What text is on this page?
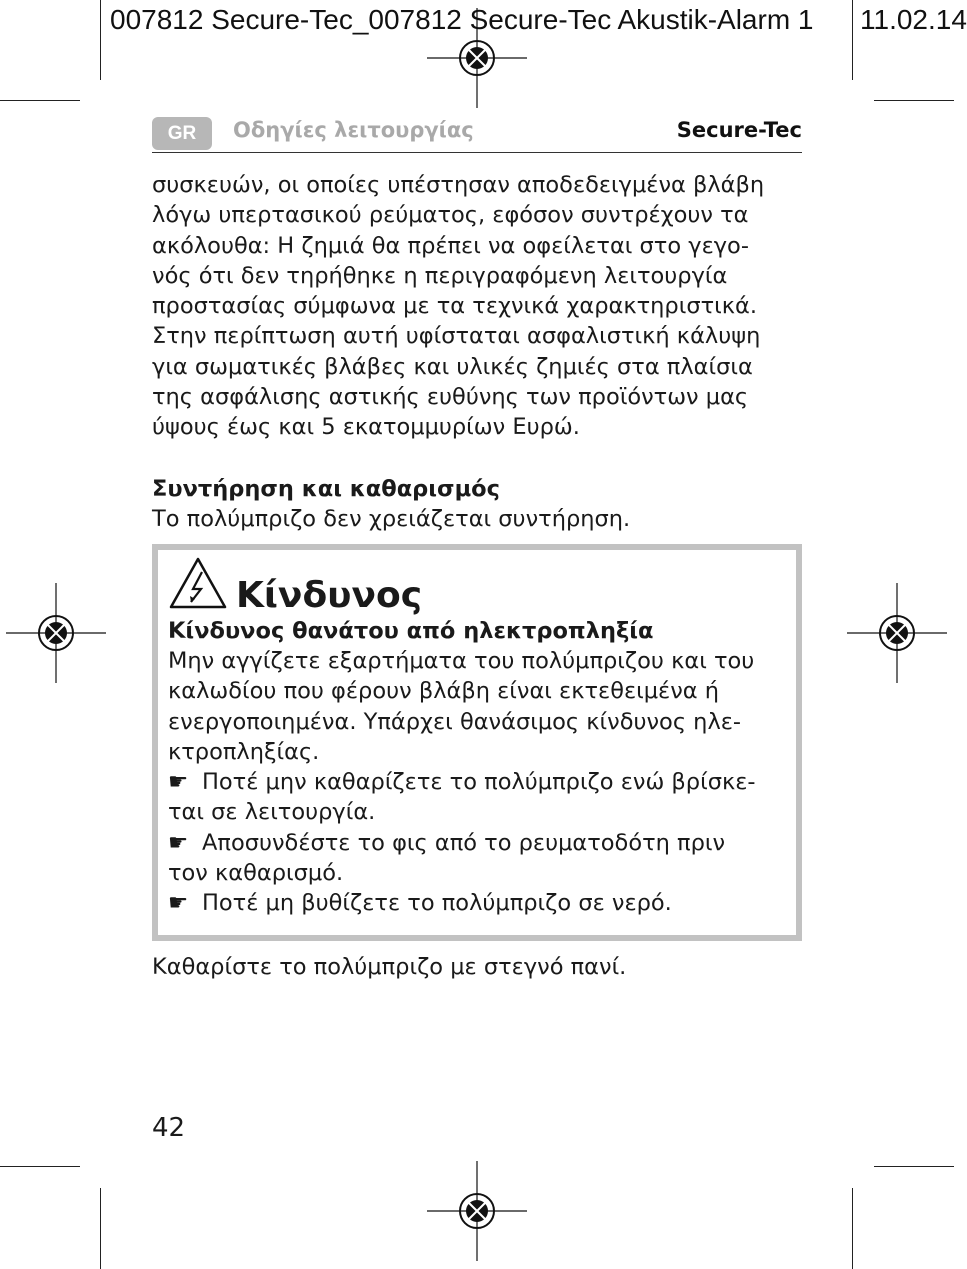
007812 Secure-Tec_007812 Secure-Tec Akustik-Alarm 1 11.02.14
GR	Οδηγίες λειτουργίας	Secure-Tec
συσκευών, οι οποίες υπέστησαν αποδεδειγμένα βλάβη
λόγω υπερτασικού ρεύματος, εφόσον συντρέχουν τα
ακόλουθα: Η ζημιά θα πρέπει να οφείλεται στο γεγο-
νός ότι δεν τηρήθηκε η περιγραφόμενη λειτουργία
προστασίας σύμφωνα με τα τεχνικά χαρακτηριστικά.
Στην περίπτωση αυτή υφίσταται ασφαλιστική κάλυψη
για σωματικές βλάβες και υλικές ζημιές στα πλαίσια
της ασφάλισης αστικής ευθύνης των προϊόντων μας
ύψους έως και 5 εκατομμυρίων Ευρώ.
Συντήρηση και καθαρισμός
Το πολύμπριζο δεν χρειάζεται συντήρηση.
Κίνδυνος
Κίνδυνος θανάτου από ηλεκτροπληξία
Μην αγγίζετε εξαρτήματα του πολύμπριζου και του
καλωδίου που φέρουν βλάβη είναι εκτεθειμένα ή
ενεργοποιημένα. Υπάρχει θανάσιμος κίνδυνος ηλε-
κτροπληξίας.
☛ Ποτέ μην καθαρίζετε το πολύμπριζο ενώ βρίσκε-
ται σε λειτουργία.
☛ Αποσυνδέστε το φις από το ρευματοδότη πριν
τον καθαρισμό.
☛ Ποτέ μη βυθίζετε το πολύμπριζο σε νερό.
Καθαρίστε το πολύμπριζο με στεγνό πανί.
42
